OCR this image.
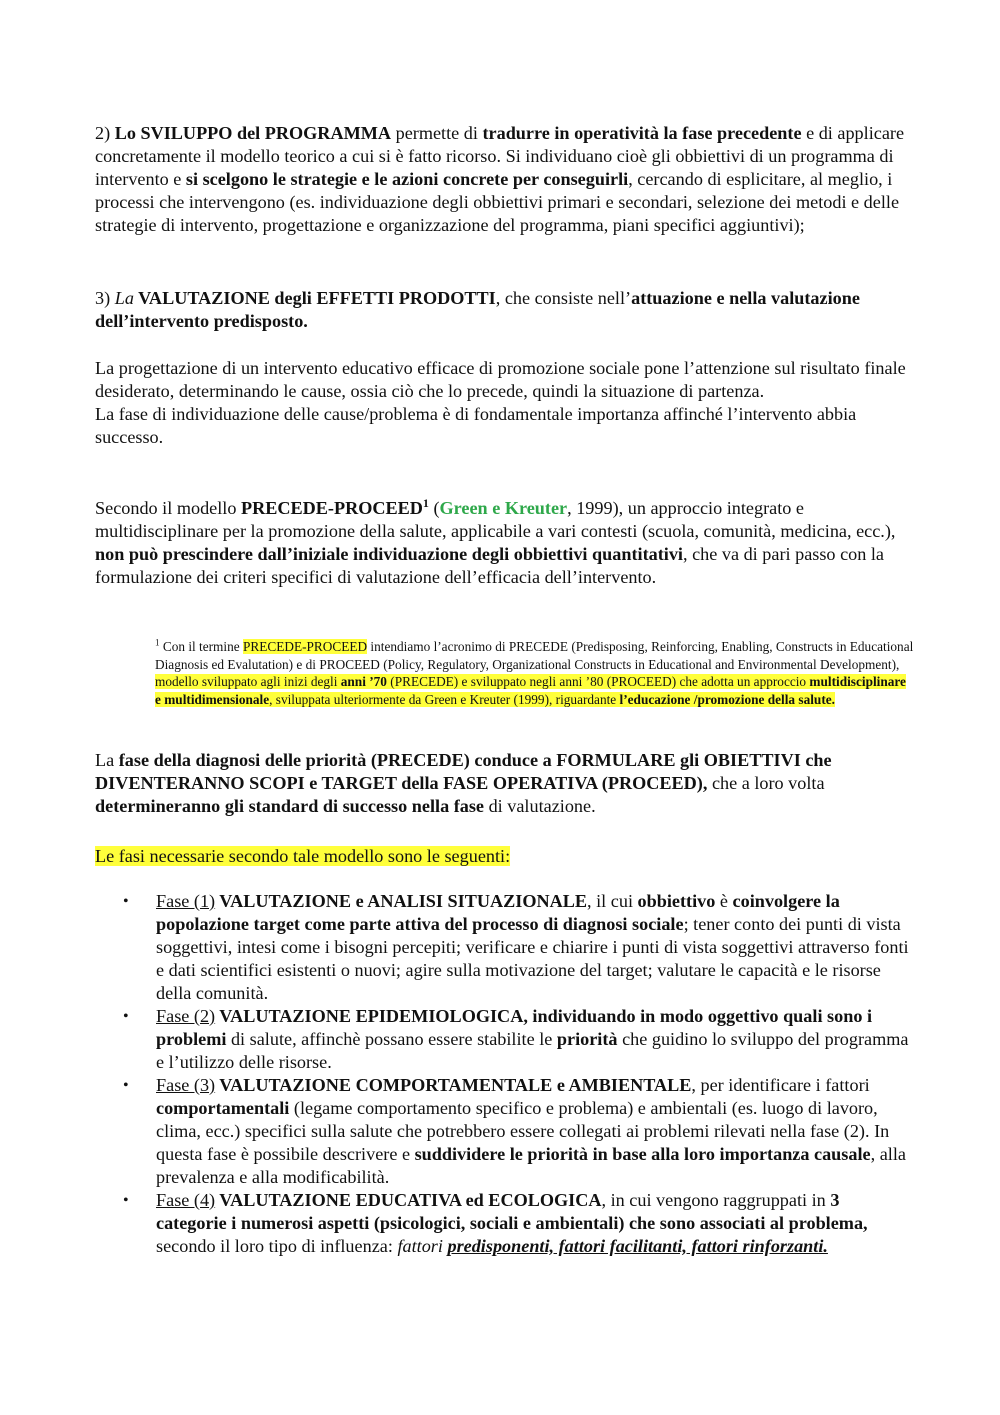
2) Lo SVILUPPO del PROGRAMMA permette di tradurre in operatività la fase precedente e di applicare concretamente il modello teorico a cui si è fatto ricorso. Si individuano cioè gli obbiettivi di un programma di intervento e si scelgono le strategie e le azioni concrete per conseguirli, cercando di esplicitare, al meglio, i processi che intervengono (es. individuazione degli obbiettivi primari e secondari, selezione dei metodi e delle strategie di intervento, progettazione e organizzazione del programma, piani specifici aggiuntivi);

3) La VALUTAZIONE degli EFFETTI PRODOTTI, che consiste nell’attuazione e nella valutazione dell’intervento predisposto.

La progettazione di un intervento educativo efficace di promozione sociale pone l’attenzione sul risultato finale desiderato, determinando le cause, ossia ciò che lo precede, quindi la situazione di partenza.

La fase di individuazione delle cause/problema è di fondamentale importanza affinché l’intervento abbia successo.

Secondo il modello PRECEDE-PROCEED$^1$ (Green e Kreuter, 1999), un approccio integrato e multidisciplinare per la promozione della salute, applicabile a vari contesti (scuola, comunità, medicina, ecc.), non può prescindere dall’iniziale individuazione degli obbiettivi quantitativi, che va di pari passo con la formulazione dei criteri specifici di valutazione dell’efficacia dell’intervento.

$^1$ Con il termine PRECEDE-PROCEED intendiamo l’acronimo di PRECEDE (Predisposing, Reinforcing, Enabling, Constructs in Educational Diagnosis ed Evalutation) e di PROCEED (Policy, Regulatory, Organizational Constructs in Educational and Environmental Development), modello sviluppato agli inizi degli anni ’70 (PRECEDE) e sviluppato negli anni ’80 (PROCEED) che adotta un approccio multidisciplinare e multidimensionale, sviluppata ulteriormente da Green e Kreuter (1999), riguardante l’educazione /promozione della salute.

La fase della diagnosi delle priorità (PRECEDE) conduce a FORMULARE gli OBIETTIVI che DIVENTERANNO SCOPI e TARGET della FASE OPERATIVA (PROCEED), che a loro volta determineranno gli standard di successo nella fase di valutazione.

Le fasi necessarie secondo tale modello sono le seguenti:

• Fase (1) VALUTAZIONE e ANALISI SITUAZIONALE, il cui obbiettivo è coinvolgere la popolazione target come parte attiva del processo di diagnosi sociale; tener conto dei punti di vista soggettivi, intesi come i bisogni percepiti; verificare e chiarire i punti di vista soggettivi attraverso fonti e dati scientifici esistenti o nuovi; agire sulla motivazione del target; valutare le capacità e le risorse della comunità.
• Fase (2) VALUTAZIONE EPIDEMIOLOGICA, individuando in modo oggettivo quali sono i problemi di salute, affinchè possano essere stabilite le priorità che guidino lo sviluppo del programma e l’utilizzo delle risorse.
• Fase (3) VALUTAZIONE COMPORTAMENTALE e AMBIENTALE, per identificare i fattori comportamentali (legame comportamento specifico e problema) e ambientali (es. luogo di lavoro, clima, ecc.) specifici sulla salute che potrebbero essere collegati ai problemi rilevati nella fase (2). In questa fase è possibile descrivere e suddividere le priorità in base alla loro importanza causale, alla prevalenza e alla modificabilità.
• Fase (4) VALUTAZIONE EDUCATIVA ed ECOLOGICA, in cui vengono raggruppati in 3 categorie i numerosi aspetti (psicologici, sociali e ambientali) che sono associati al problema, secondo il loro tipo di influenza: fattori predisponenti, fattori facilitanti, fattori rinforzanti.
